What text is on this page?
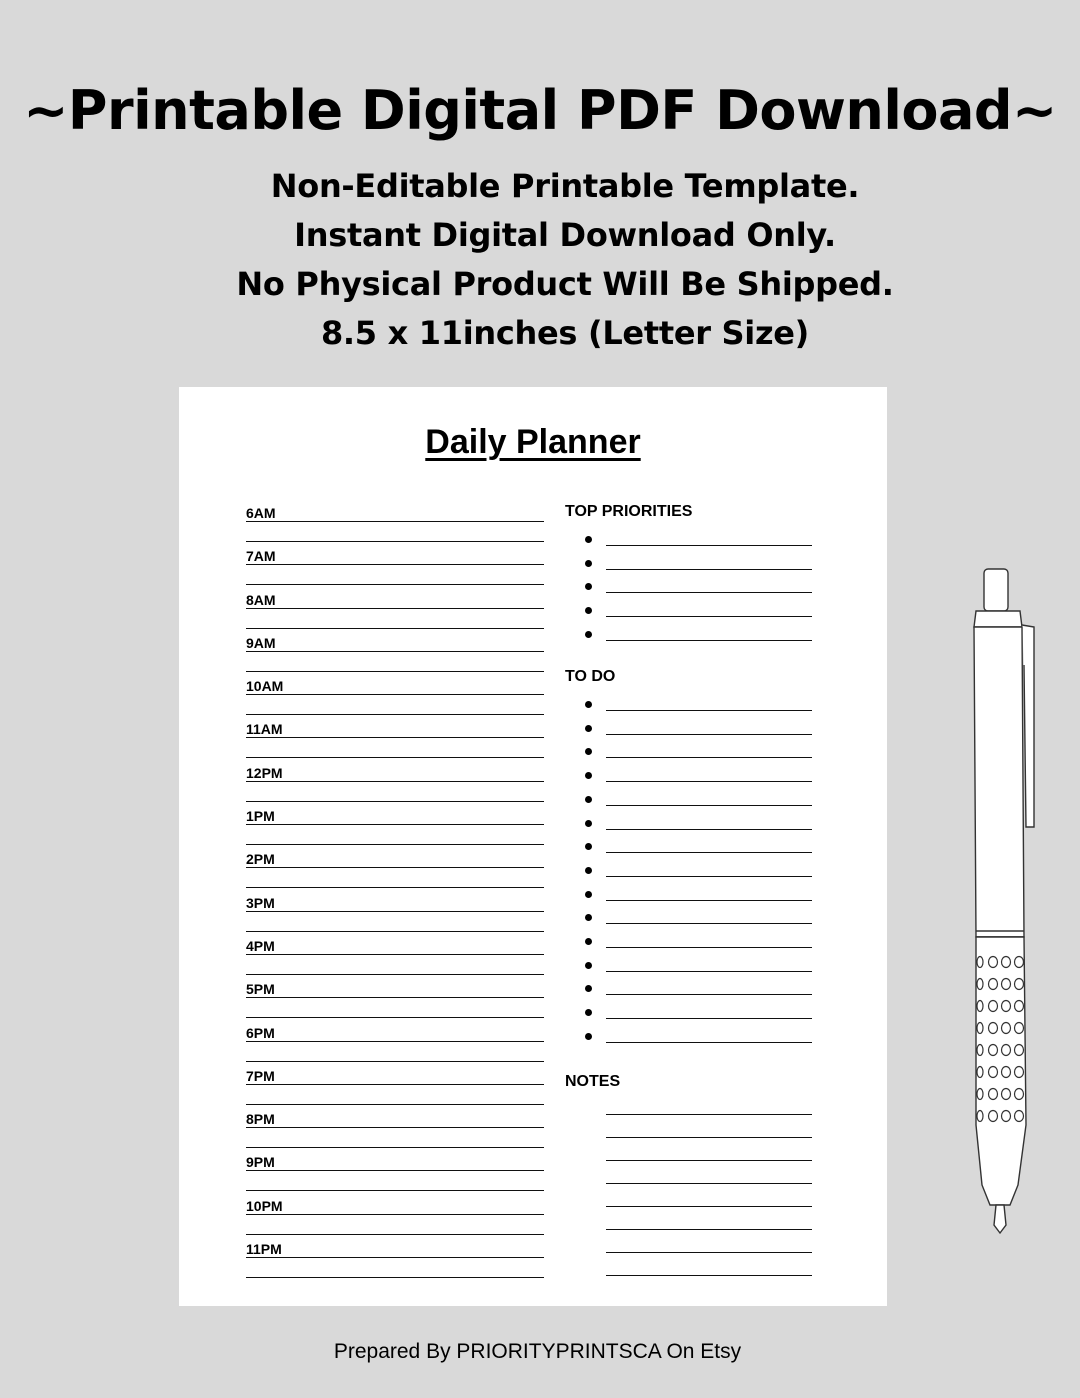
~Printable Digital PDF Download~
Non-Editable Printable Template.
Instant Digital Download Only.
No Physical Product Will Be Shipped.
8.5 x 11inches (Letter Size)
Daily Planner
6AM
7AM
8AM
9AM
10AM
11AM
12PM
1PM
2PM
3PM
4PM
5PM
6PM
7PM
8PM
9PM
10PM
11PM
TOP PRIORITIES
TO DO
NOTES
Prepared By PRIORITYPRINTSCA On Etsy
